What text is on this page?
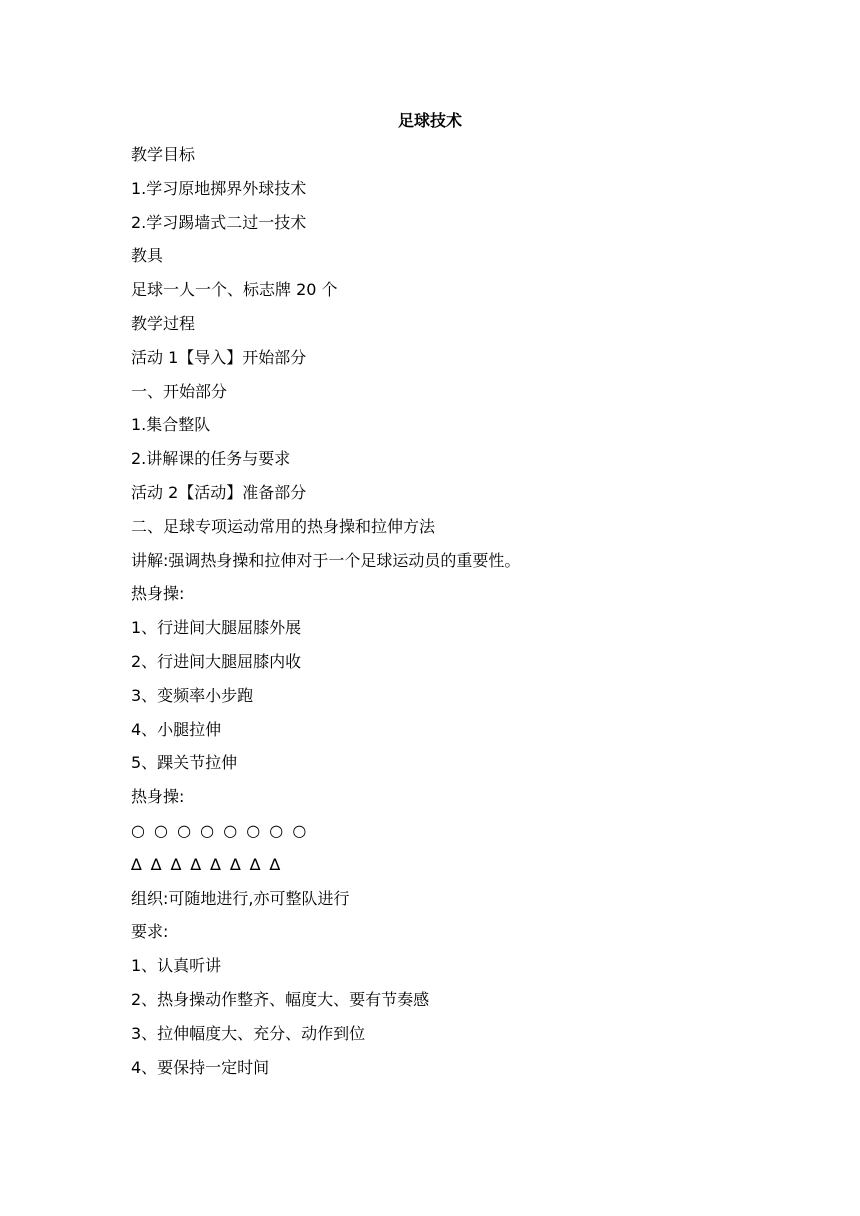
足球技术
教学目标
1.学习原地掷界外球技术
2.学习踢墙式二过一技术
教具
足球一人一个、标志牌 20 个
教学过程
活动 1【导入】开始部分
一、开始部分
1.集合整队
2.讲解课的任务与要求
活动 2【活动】准备部分
二、足球专项运动常用的热身操和拉伸方法
讲解:强调热身操和拉伸对于一个足球运动员的重要性。
热身操:
1、行进间大腿屈膝外展
2、行进间大腿屈膝内收
3、变频率小步跑
4、小腿拉伸
5、踝关节拉伸
热身操:
○ ○ ○ ○ ○ ○ ○ ○
∆ ∆ ∆ ∆ ∆ ∆ ∆ ∆
组织:可随地进行,亦可整队进行
要求:
1、认真听讲
2、热身操动作整齐、幅度大、要有节奏感
3、拉伸幅度大、充分、动作到位
4、要保持一定时间
